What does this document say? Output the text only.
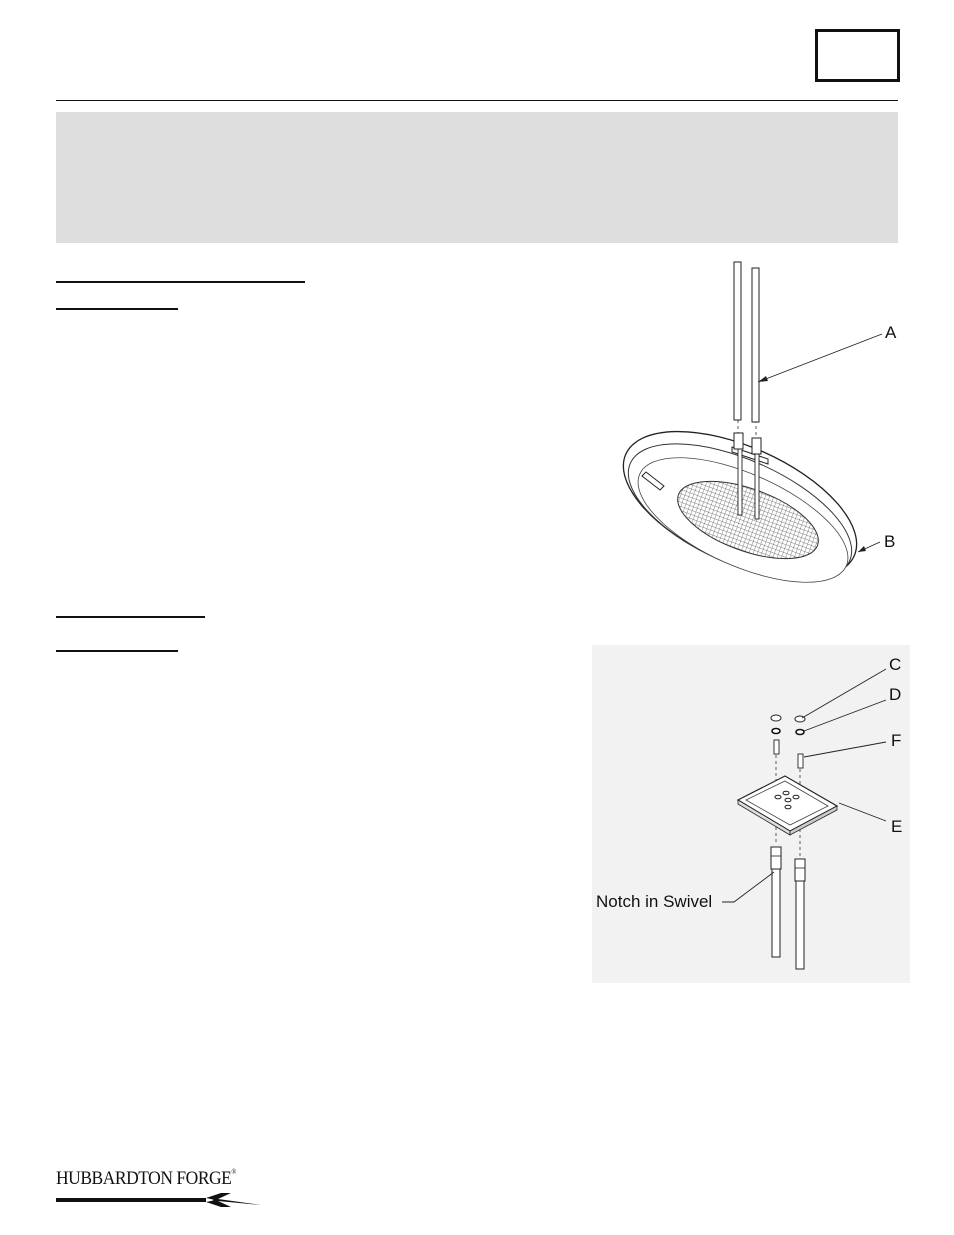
A
B
C
D
F
E
Notch in Swivel
HUBBARDTON FORGE®
